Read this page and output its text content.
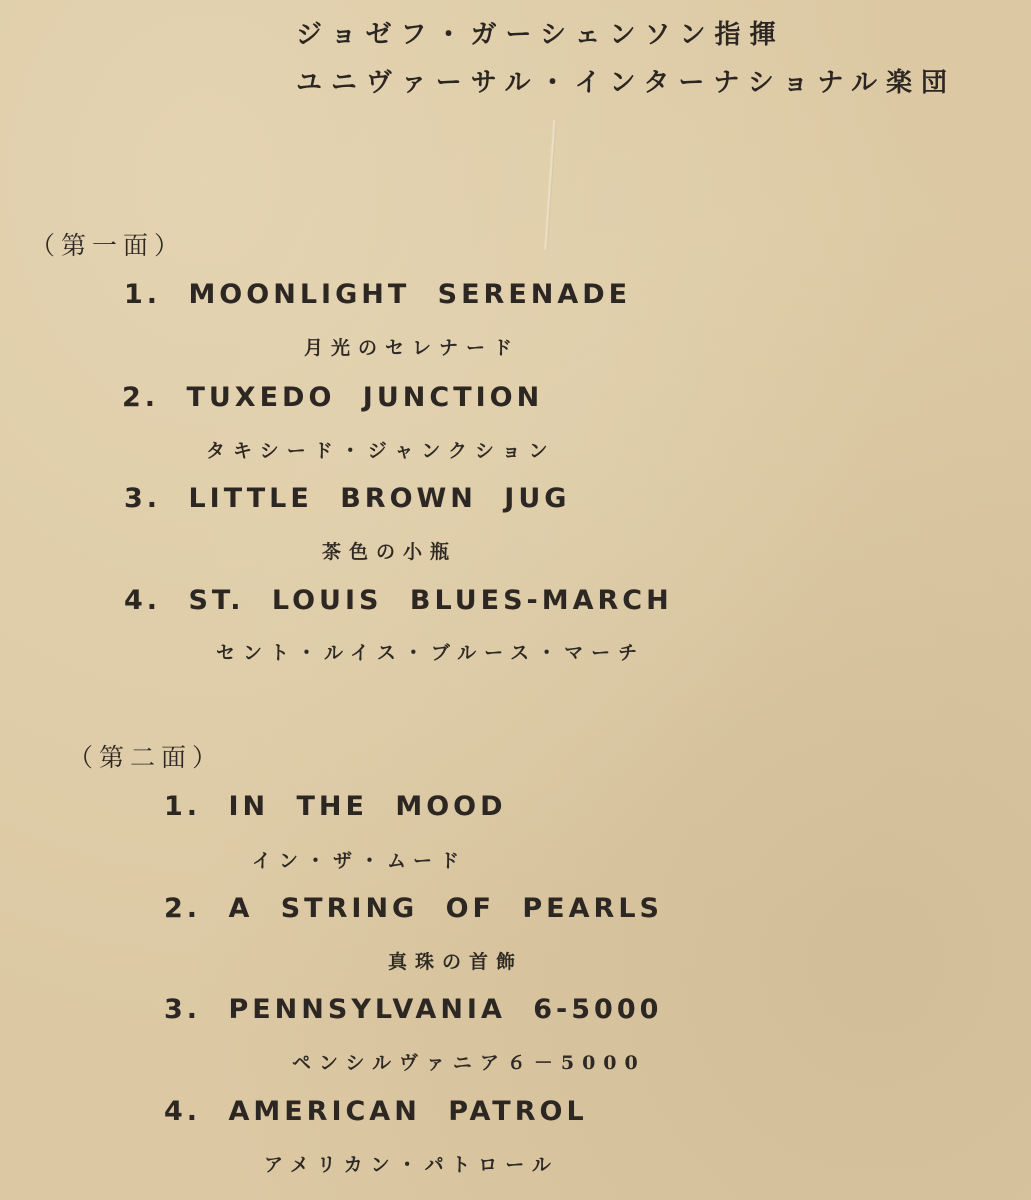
ジョゼフ・ガーシェンソン指揮
ユニヴァーサル・インターナショナル楽団
（第一面）
1. MOONLIGHT SERENADE
月光のセレナード
2. TUXEDO JUNCTION
タキシード・ジャンクション
3. LITTLE BROWN JUG
茶色の小瓶
4. ST. LOUIS BLUES-MARCH
セント・ルイス・ブルース・マーチ
（第二面）
1. IN THE MOOD
イン・ザ・ムード
2. A STRING OF PEARLS
真珠の首飾
3. PENNSYLVANIA 6-5000
ペンシルヴァニア６－5000
4. AMERICAN PATROL
アメリカン・パトロール
